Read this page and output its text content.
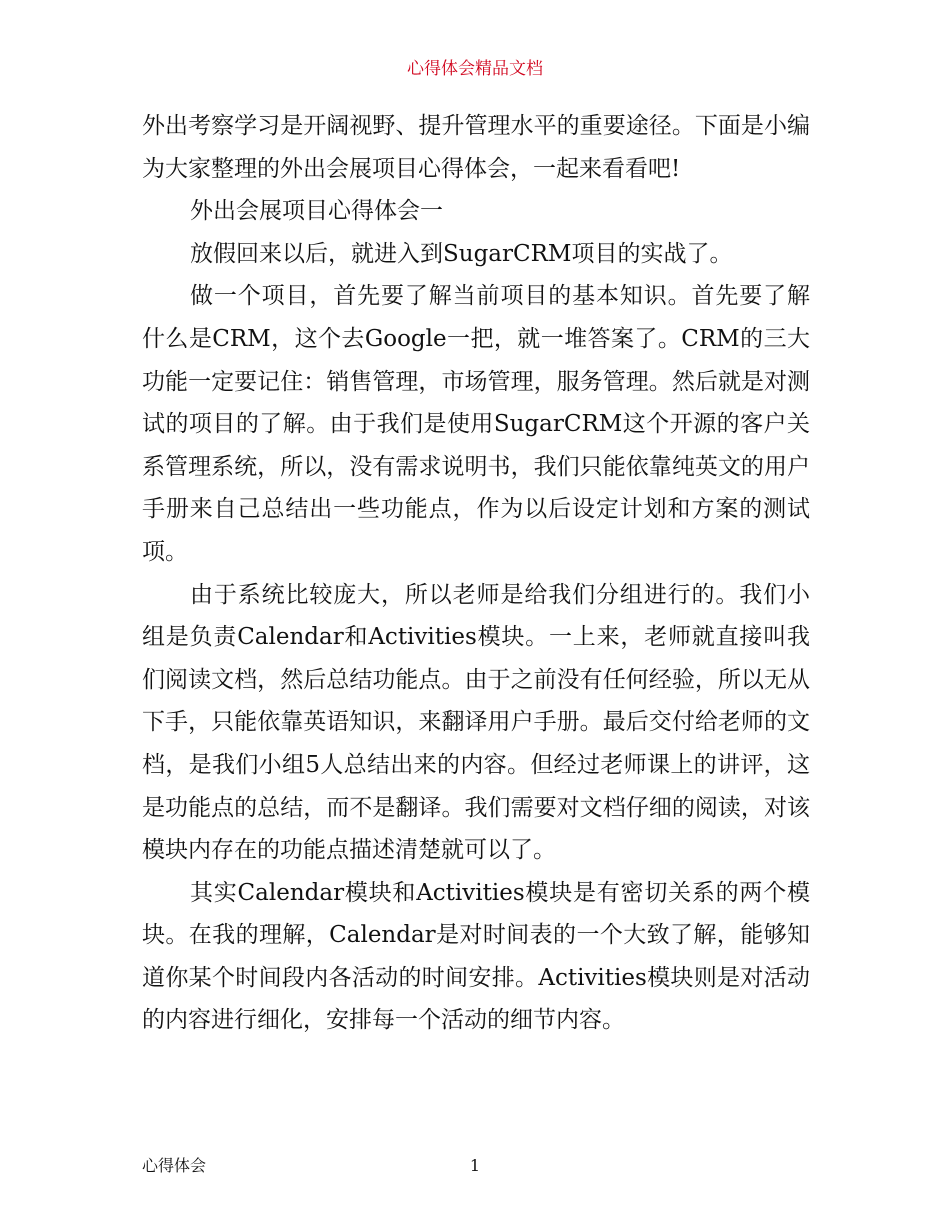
心得体会精品文档

外出考察学习是开阔视野、提升管理水平的重要途径。下面是小编为大家整理的外出会展项目心得体会，一起来看看吧!

外出会展项目心得体会一

放假回来以后，就进入到SugarCRM项目的实战了。

做一个项目，首先要了解当前项目的基本知识。首先要了解什么是CRM，这个去Google一把，就一堆答案了。CRM的三大功能一定要记住：销售管理，市场管理，服务管理。然后就是对测试的项目的了解。由于我们是使用SugarCRM这个开源的客户关系管理系统，所以，没有需求说明书，我们只能依靠纯英文的用户手册来自己总结出一些功能点，作为以后设定计划和方案的测试项。

由于系统比较庞大，所以老师是给我们分组进行的。我们小组是负责Calendar和Activities模块。一上来，老师就直接叫我们阅读文档，然后总结功能点。由于之前没有任何经验，所以无从下手，只能依靠英语知识，来翻译用户手册。最后交付给老师的文档，是我们小组5人总结出来的内容。但经过老师课上的讲评，这是功能点的总结，而不是翻译。我们需要对文档仔细的阅读，对该模块内存在的功能点描述清楚就可以了。

其实Calendar模块和Activities模块是有密切关系的两个模块。在我的理解，Calendar是对时间表的一个大致了解，能够知道你某个时间段内各活动的时间安排。Activities模块则是对活动的内容进行细化，安排每一个活动的细节内容。

心得体会	1
